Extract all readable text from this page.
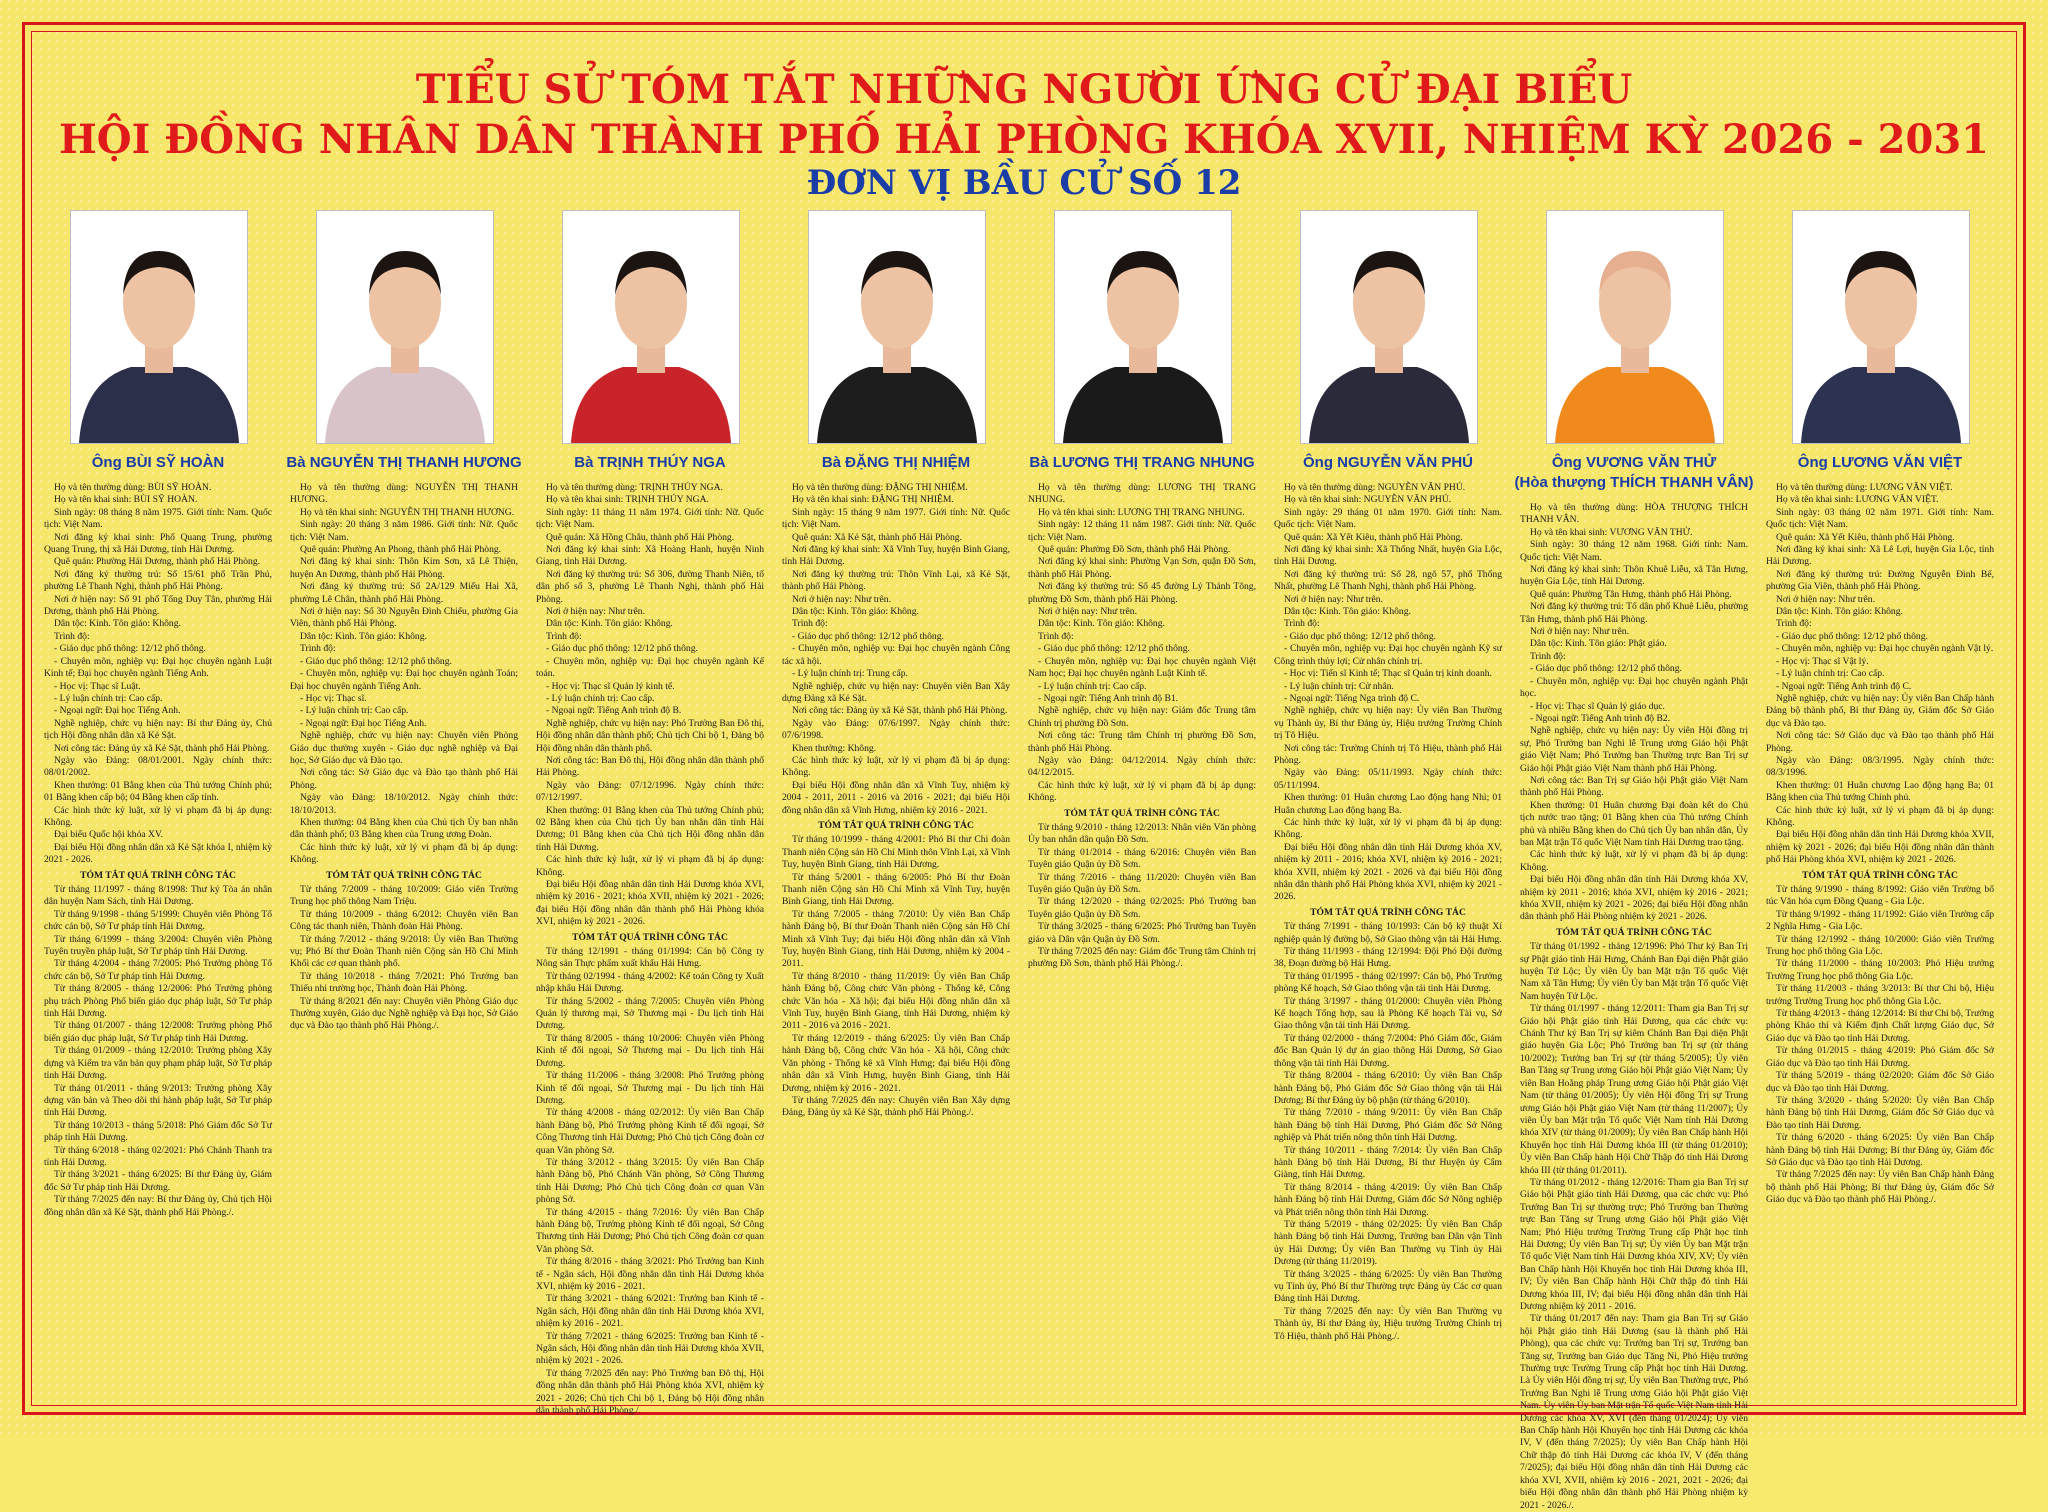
TIỂU SỬ TÓM TẮT NHỮNG NGƯỜI ỨNG CỬ ĐẠI BIỂU
HỘI ĐỒNG NHÂN DÂN THÀNH PHỐ HẢI PHÒNG KHÓA XVII, NHIỆM KỲ 2026 - 2031
ĐƠN VỊ BẦU CỬ SỐ 12
Ông BÙI SỸ HOÀN

Họ và tên thường dùng: BÙI SỸ HOÀN.

Họ và tên khai sinh: BÙI SỸ HOÀN.

Sinh ngày: 08 tháng 8 năm 1975. Giới tính: Nam. Quốc tịch: Việt Nam.

Nơi đăng ký khai sinh: Phố Quang Trung, phường Quang Trung, thị xã Hải Dương, tỉnh Hải Dương.

Quê quán: Phường Hải Dương, thành phố Hải Phòng.

Nơi đăng ký thường trú: Số 15/61 phố Trần Phú, phường Lê Thanh Nghị, thành phố Hải Phòng.

Nơi ở hiện nay: Số 91 phố Tống Duy Tân, phường Hải Dương, thành phố Hải Phòng.

Dân tộc: Kinh. Tôn giáo: Không.

Trình độ:

- Giáo dục phổ thông: 12/12 phổ thông.

- Chuyên môn, nghiệp vụ: Đại học chuyên ngành Luật Kinh tế; Đại học chuyên ngành Tiếng Anh.

- Học vị: Thạc sĩ Luật.

- Lý luận chính trị: Cao cấp.

- Ngoại ngữ: Đại học Tiếng Anh.

Nghề nghiệp, chức vụ hiện nay: Bí thư Đảng ủy, Chủ tịch Hội đồng nhân dân xã Kẻ Sặt.

Nơi công tác: Đảng ủy xã Kẻ Sặt, thành phố Hải Phòng.

Ngày vào Đảng: 08/01/2001. Ngày chính thức: 08/01/2002.

Khen thưởng: 01 Bằng khen của Thủ tướng Chính phủ; 01 Bằng khen cấp bộ; 04 Bằng khen cấp tỉnh.

Các hình thức kỷ luật, xử lý vi phạm đã bị áp dụng: Không.

Đại biểu Quốc hội khóa XV.

Đại biểu Hội đồng nhân dân xã Kẻ Sặt khóa I, nhiệm kỳ 2021 - 2026.

TÓM TẮT QUÁ TRÌNH CÔNG TÁC

Từ tháng 11/1997 - tháng 8/1998: Thư ký Tòa án nhân dân huyện Nam Sách, tỉnh Hải Dương.

Từ tháng 9/1998 - tháng 5/1999: Chuyên viên Phòng Tổ chức cán bộ, Sở Tư pháp tỉnh Hải Dương.

Từ tháng 6/1999 - tháng 3/2004: Chuyên viên Phòng Tuyên truyền pháp luật, Sở Tư pháp tỉnh Hải Dương.

Từ tháng 4/2004 - tháng 7/2005: Phó Trưởng phòng Tổ chức cán bộ, Sở Tư pháp tỉnh Hải Dương.

Từ tháng 8/2005 - tháng 12/2006: Phó Trưởng phòng phụ trách Phòng Phổ biến giáo dục pháp luật, Sở Tư pháp tỉnh Hải Dương.

Từ tháng 01/2007 - tháng 12/2008: Trưởng phòng Phổ biến giáo dục pháp luật, Sở Tư pháp tỉnh Hải Dương.

Từ tháng 01/2009 - tháng 12/2010: Trưởng phòng Xây dựng và Kiểm tra văn bản quy phạm pháp luật, Sở Tư pháp tỉnh Hải Dương.

Từ tháng 01/2011 - tháng 9/2013: Trưởng phòng Xây dựng văn bản và Theo dõi thi hành pháp luật, Sở Tư pháp tỉnh Hải Dương.

Từ tháng 10/2013 - tháng 5/2018: Phó Giám đốc Sở Tư pháp tỉnh Hải Dương.

Từ tháng 6/2018 - tháng 02/2021: Phó Chánh Thanh tra tỉnh Hải Dương.

Từ tháng 3/2021 - tháng 6/2025: Bí thư Đảng ủy, Giám đốc Sở Tư pháp tỉnh Hải Dương.

Từ tháng 7/2025 đến nay: Bí thư Đảng ủy, Chủ tịch Hội đồng nhân dân xã Kẻ Sặt, thành phố Hải Phòng./.

Bà NGUYỄN THỊ THANH HƯƠNG

Họ và tên thường dùng: NGUYỄN THỊ THANH HƯƠNG.

Họ và tên khai sinh: NGUYỄN THỊ THANH HƯƠNG.

Sinh ngày: 20 tháng 3 năm 1986. Giới tính: Nữ. Quốc tịch: Việt Nam.

Quê quán: Phường An Phong, thành phố Hải Phòng.

Nơi đăng ký khai sinh: Thôn Kim Sơn, xã Lê Thiện, huyện An Dương, thành phố Hải Phòng.

Nơi đăng ký thường trú: Số 2A/129 Miếu Hai Xã, phường Lê Chân, thành phố Hải Phòng.

Nơi ở hiện nay: Số 30 Nguyễn Đình Chiểu, phường Gia Viên, thành phố Hải Phòng.

Dân tộc: Kinh. Tôn giáo: Không.

Trình độ:

- Giáo dục phổ thông: 12/12 phổ thông.

- Chuyên môn, nghiệp vụ: Đại học chuyên ngành Toán; Đại học chuyên ngành Tiếng Anh.

- Học vị: Thạc sĩ.

- Lý luận chính trị: Cao cấp.

- Ngoại ngữ: Đại học Tiếng Anh.

Nghề nghiệp, chức vụ hiện nay: Chuyên viên Phòng Giáo dục thường xuyên - Giáo dục nghề nghiệp và Đại học, Sở Giáo dục và Đào tạo.

Nơi công tác: Sở Giáo dục và Đào tạo thành phố Hải Phòng.

Ngày vào Đảng: 18/10/2012. Ngày chính thức: 18/10/2013.

Khen thưởng: 04 Bằng khen của Chủ tịch Ủy ban nhân dân thành phố; 03 Bằng khen của Trung ương Đoàn.

Các hình thức kỷ luật, xử lý vi phạm đã bị áp dụng: Không.

TÓM TẮT QUÁ TRÌNH CÔNG TÁC

Từ tháng 7/2009 - tháng 10/2009: Giáo viên Trường Trung học phổ thông Nam Triệu.

Từ tháng 10/2009 - tháng 6/2012: Chuyên viên Ban Công tác thanh niên, Thành đoàn Hải Phòng.

Từ tháng 7/2012 - tháng 9/2018: Ủy viên Ban Thường vụ; Phó Bí thư Đoàn Thanh niên Cộng sản Hồ Chí Minh Khối các cơ quan thành phố.

Từ tháng 10/2018 - tháng 7/2021: Phó Trưởng ban Thiếu nhi trường học, Thành đoàn Hải Phòng.

Từ tháng 8/2021 đến nay: Chuyên viên Phòng Giáo dục Thường xuyên, Giáo dục Nghề nghiệp và Đại học, Sở Giáo dục và Đào tạo thành phố Hải Phòng./.

Bà TRỊNH THÚY NGA

Họ và tên thường dùng: TRỊNH THÚY NGA.

Họ và tên khai sinh: TRỊNH THÚY NGA.

Sinh ngày: 11 tháng 11 năm 1974. Giới tính: Nữ. Quốc tịch: Việt Nam.

Quê quán: Xã Hồng Châu, thành phố Hải Phòng.

Nơi đăng ký khai sinh: Xã Hoàng Hanh, huyện Ninh Giang, tỉnh Hải Dương.

Nơi đăng ký thường trú: Số 306, đường Thanh Niên, tổ dân phố số 3, phường Lê Thanh Nghị, thành phố Hải Phòng.

Nơi ở hiện nay: Như trên.

Dân tộc: Kinh. Tôn giáo: Không.

Trình độ:

- Giáo dục phổ thông: 12/12 phổ thông.

- Chuyên môn, nghiệp vụ: Đại học chuyên ngành Kế toán.

- Học vị: Thạc sĩ Quản lý kinh tế.

- Lý luận chính trị: Cao cấp.

- Ngoại ngữ: Tiếng Anh trình độ B.

Nghề nghiệp, chức vụ hiện nay: Phó Trưởng Ban Đô thị, Hội đồng nhân dân thành phố; Chủ tịch Chi bộ 1, Đảng bộ Hội đồng nhân dân thành phố.

Nơi công tác: Ban Đô thị, Hội đồng nhân dân thành phố Hải Phòng.

Ngày vào Đảng: 07/12/1996. Ngày chính thức: 07/12/1997.

Khen thưởng: 01 Bằng khen của Thủ tướng Chính phủ; 02 Bằng khen của Chủ tịch Ủy ban nhân dân tỉnh Hải Dương; 01 Bằng khen của Chủ tịch Hội đồng nhân dân tỉnh Hải Dương.

Các hình thức kỷ luật, xử lý vi phạm đã bị áp dụng: Không.

Đại biểu Hội đồng nhân dân tỉnh Hải Dương khóa XVI, nhiệm kỳ 2016 - 2021; khóa XVII, nhiệm kỳ 2021 - 2026; đại biểu Hội đồng nhân dân thành phố Hải Phòng khóa XVI, nhiệm kỳ 2021 - 2026.

TÓM TẮT QUÁ TRÌNH CÔNG TÁC

Từ tháng 12/1991 - tháng 01/1994: Cán bộ Công ty Nông sản Thực phẩm xuất khẩu Hải Hưng.

Từ tháng 02/1994 - tháng 4/2002: Kế toán Công ty Xuất nhập khẩu Hải Dương.

Từ tháng 5/2002 - tháng 7/2005: Chuyên viên Phòng Quản lý thương mại, Sở Thương mại - Du lịch tỉnh Hải Dương.

Từ tháng 8/2005 - tháng 10/2006: Chuyên viên Phòng Kinh tế đối ngoại, Sở Thương mại - Du lịch tỉnh Hải Dương.

Từ tháng 11/2006 - tháng 3/2008: Phó Trưởng phòng Kinh tế đối ngoại, Sở Thương mại - Du lịch tỉnh Hải Dương.

Từ tháng 4/2008 - tháng 02/2012: Ủy viên Ban Chấp hành Đảng bộ, Phó Trưởng phòng Kinh tế đối ngoại, Sở Công Thương tỉnh Hải Dương; Phó Chủ tịch Công đoàn cơ quan Văn phòng Sở.

Từ tháng 3/2012 - tháng 3/2015: Ủy viên Ban Chấp hành Đảng bộ, Phó Chánh Văn phòng, Sở Công Thương tỉnh Hải Dương; Phó Chủ tịch Công đoàn cơ quan Văn phòng Sở.

Từ tháng 4/2015 - tháng 7/2016: Ủy viên Ban Chấp hành Đảng bộ, Trưởng phòng Kinh tế đối ngoại, Sở Công Thương tỉnh Hải Dương; Phó Chủ tịch Công đoàn cơ quan Văn phòng Sở.

Từ tháng 8/2016 - tháng 3/2021: Phó Trưởng ban Kinh tế - Ngân sách, Hội đồng nhân dân tỉnh Hải Dương khóa XVI, nhiệm kỳ 2016 - 2021.

Từ tháng 3/2021 - tháng 6/2021: Trưởng ban Kinh tế - Ngân sách, Hội đồng nhân dân tỉnh Hải Dương khóa XVI, nhiệm kỳ 2016 - 2021.

Từ tháng 7/2021 - tháng 6/2025: Trưởng ban Kinh tế - Ngân sách, Hội đồng nhân dân tỉnh Hải Dương khóa XVII, nhiệm kỳ 2021 - 2026.

Từ tháng 7/2025 đến nay: Phó Trưởng ban Đô thị, Hội đồng nhân dân thành phố Hải Phòng khóa XVI, nhiệm kỳ 2021 - 2026; Chủ tịch Chi bộ 1, Đảng bộ Hội đồng nhân dân thành phố Hải Phòng./.

Bà ĐẶNG THỊ NHIỆM

Họ và tên thường dùng: ĐẶNG THỊ NHIỆM.

Họ và tên khai sinh: ĐẶNG THỊ NHIỆM.

Sinh ngày: 15 tháng 9 năm 1977. Giới tính: Nữ. Quốc tịch: Việt Nam.

Quê quán: Xã Kẻ Sặt, thành phố Hải Phòng.

Nơi đăng ký khai sinh: Xã Vĩnh Tuy, huyện Bình Giang, tỉnh Hải Dương.

Nơi đăng ký thường trú: Thôn Vĩnh Lại, xã Kẻ Sặt, thành phố Hải Phòng.

Nơi ở hiện nay: Như trên.

Dân tộc: Kinh. Tôn giáo: Không.

Trình độ:

- Giáo dục phổ thông: 12/12 phổ thông.

- Chuyên môn, nghiệp vụ: Đại học chuyên ngành Công tác xã hội.

- Lý luận chính trị: Trung cấp.

Nghề nghiệp, chức vụ hiện nay: Chuyên viên Ban Xây dựng Đảng xã Kẻ Sặt.

Nơi công tác: Đảng ủy xã Kẻ Sặt, thành phố Hải Phòng.

Ngày vào Đảng: 07/6/1997. Ngày chính thức: 07/6/1998.

Khen thưởng: Không.

Các hình thức kỷ luật, xử lý vi phạm đã bị áp dụng: Không.

Đại biểu Hội đồng nhân dân xã Vĩnh Tuy, nhiệm kỳ 2004 - 2011, 2011 - 2016 và 2016 - 2021; đại biểu Hội đồng nhân dân xã Vĩnh Hưng, nhiệm kỳ 2016 - 2021.

TÓM TẮT QUÁ TRÌNH CÔNG TÁC

Từ tháng 10/1999 - tháng 4/2001: Phó Bí thư Chi đoàn Thanh niên Cộng sản Hồ Chí Minh thôn Vĩnh Lại, xã Vĩnh Tuy, huyện Bình Giang, tỉnh Hải Dương.

Từ tháng 5/2001 - tháng 6/2005: Phó Bí thư Đoàn Thanh niên Cộng sản Hồ Chí Minh xã Vĩnh Tuy, huyện Bình Giang, tỉnh Hải Dương.

Từ tháng 7/2005 - tháng 7/2010: Ủy viên Ban Chấp hành Đảng bộ, Bí thư Đoàn Thanh niên Cộng sản Hồ Chí Minh xã Vĩnh Tuy; đại biểu Hội đồng nhân dân xã Vĩnh Tuy, huyện Bình Giang, tỉnh Hải Dương, nhiệm kỳ 2004 - 2011.

Từ tháng 8/2010 - tháng 11/2019: Ủy viên Ban Chấp hành Đảng bộ, Công chức Văn phòng - Thống kê, Công chức Văn hóa - Xã hội; đại biểu Hội đồng nhân dân xã Vĩnh Tuy, huyện Bình Giang, tỉnh Hải Dương, nhiệm kỳ 2011 - 2016 và 2016 - 2021.

Từ tháng 12/2019 - tháng 6/2025: Ủy viên Ban Chấp hành Đảng bộ, Công chức Văn hóa - Xã hội, Công chức Văn phòng - Thống kê xã Vĩnh Hưng; đại biểu Hội đồng nhân dân xã Vĩnh Hưng, huyện Bình Giang, tỉnh Hải Dương, nhiệm kỳ 2016 - 2021.

Từ tháng 7/2025 đến nay: Chuyên viên Ban Xây dựng Đảng, Đảng ủy xã Kẻ Sặt, thành phố Hải Phòng./.

Bà LƯƠNG THỊ TRANG NHUNG

Họ và tên thường dùng: LƯƠNG THỊ TRANG NHUNG.

Họ và tên khai sinh: LƯƠNG THỊ TRANG NHUNG.

Sinh ngày: 12 tháng 11 năm 1987. Giới tính: Nữ. Quốc tịch: Việt Nam.

Quê quán: Phường Đồ Sơn, thành phố Hải Phòng.

Nơi đăng ký khai sinh: Phường Vạn Sơn, quận Đồ Sơn, thành phố Hải Phòng.

Nơi đăng ký thường trú: Số 45 đường Lý Thánh Tông, phường Đồ Sơn, thành phố Hải Phòng.

Nơi ở hiện nay: Như trên.

Dân tộc: Kinh. Tôn giáo: Không.

Trình độ:

- Giáo dục phổ thông: 12/12 phổ thông.

- Chuyên môn, nghiệp vụ: Đại học chuyên ngành Việt Nam học; Đại học chuyên ngành Luật Kinh tế.

- Lý luận chính trị: Cao cấp.

- Ngoại ngữ: Tiếng Anh trình độ B1.

Nghề nghiệp, chức vụ hiện nay: Giám đốc Trung tâm Chính trị phường Đồ Sơn.

Nơi công tác: Trung tâm Chính trị phường Đồ Sơn, thành phố Hải Phòng.

Ngày vào Đảng: 04/12/2014. Ngày chính thức: 04/12/2015.

Các hình thức kỷ luật, xử lý vi phạm đã bị áp dụng: Không.

TÓM TẮT QUÁ TRÌNH CÔNG TÁC

Từ tháng 9/2010 - tháng 12/2013: Nhân viên Văn phòng Ủy ban nhân dân quận Đồ Sơn.

Từ tháng 01/2014 - tháng 6/2016: Chuyên viên Ban Tuyên giáo Quận ủy Đồ Sơn.

Từ tháng 7/2016 - tháng 11/2020: Chuyên viên Ban Tuyên giáo Quận ủy Đồ Sơn.

Từ tháng 12/2020 - tháng 02/2025: Phó Trưởng ban Tuyên giáo Quận ủy Đồ Sơn.

Từ tháng 3/2025 - tháng 6/2025: Phó Trưởng ban Tuyên giáo và Dân vận Quận ủy Đồ Sơn.

Từ tháng 7/2025 đến nay: Giám đốc Trung tâm Chính trị phường Đồ Sơn, thành phố Hải Phòng./.

Ông NGUYỄN VĂN PHÚ

Họ và tên thường dùng: NGUYỄN VĂN PHÚ.

Họ và tên khai sinh: NGUYỄN VĂN PHÚ.

Sinh ngày: 29 tháng 01 năm 1970. Giới tính: Nam. Quốc tịch: Việt Nam.

Quê quán: Xã Yết Kiêu, thành phố Hải Phòng.

Nơi đăng ký khai sinh: Xã Thống Nhất, huyện Gia Lộc, tỉnh Hải Dương.

Nơi đăng ký thường trú: Số 28, ngõ 57, phố Thống Nhất, phường Lê Thanh Nghị, thành phố Hải Phòng.

Nơi ở hiện nay: Như trên.

Dân tộc: Kinh. Tôn giáo: Không.

Trình độ:

- Giáo dục phổ thông: 12/12 phổ thông.

- Chuyên môn, nghiệp vụ: Đại học chuyên ngành Kỹ sư Công trình thủy lợi; Cử nhân chính trị.

- Học vị: Tiến sĩ Kinh tế; Thạc sĩ Quản trị kinh doanh.

- Lý luận chính trị: Cử nhân.

- Ngoại ngữ: Tiếng Nga trình độ C.

Nghề nghiệp, chức vụ hiện nay: Ủy viên Ban Thường vụ Thành ủy, Bí thư Đảng ủy, Hiệu trưởng Trường Chính trị Tô Hiệu.

Nơi công tác: Trường Chính trị Tô Hiệu, thành phố Hải Phòng.

Ngày vào Đảng: 05/11/1993. Ngày chính thức: 05/11/1994.

Khen thưởng: 01 Huân chương Lao động hạng Nhì; 01 Huân chương Lao động hạng Ba.

Các hình thức kỷ luật, xử lý vi phạm đã bị áp dụng: Không.

Đại biểu Hội đồng nhân dân tỉnh Hải Dương khóa XV, nhiệm kỳ 2011 - 2016; khóa XVI, nhiệm kỳ 2016 - 2021; khóa XVII, nhiệm kỳ 2021 - 2026 và đại biểu Hội đồng nhân dân thành phố Hải Phòng khóa XVI, nhiệm kỳ 2021 - 2026.

TÓM TẮT QUÁ TRÌNH CÔNG TÁC

Từ tháng 7/1991 - tháng 10/1993: Cán bộ kỹ thuật Xí nghiệp quản lý đường bộ, Sở Giao thông vận tải Hải Hưng.

Từ tháng 11/1993 - tháng 12/1994: Đội Phó Đội đường 38, Đoạn đường bộ Hải Hưng.

Từ tháng 01/1995 - tháng 02/1997: Cán bộ, Phó Trưởng phòng Kế hoạch, Sở Giao thông vận tải tỉnh Hải Dương.

Từ tháng 3/1997 - tháng 01/2000: Chuyên viên Phòng Kế hoạch Tổng hợp, sau là Phòng Kế hoạch Tài vụ, Sở Giao thông vận tải tỉnh Hải Dương.

Từ tháng 02/2000 - tháng 7/2004: Phó Giám đốc, Giám đốc Ban Quản lý dự án giao thông Hải Dương, Sở Giao thông vận tải tỉnh Hải Dương.

Từ tháng 8/2004 - tháng 6/2010: Ủy viên Ban Chấp hành Đảng bộ, Phó Giám đốc Sở Giao thông vận tải Hải Dương; Bí thư Đảng ủy bộ phận (từ tháng 6/2010).

Từ tháng 7/2010 - tháng 9/2011: Ủy viên Ban Chấp hành Đảng bộ tỉnh Hải Dương, Phó Giám đốc Sở Nông nghiệp và Phát triển nông thôn tỉnh Hải Dương.

Từ tháng 10/2011 - tháng 7/2014: Ủy viên Ban Chấp hành Đảng bộ tỉnh Hải Dương, Bí thư Huyện ủy Cẩm Giàng, tỉnh Hải Dương.

Từ tháng 8/2014 - tháng 4/2019: Ủy viên Ban Chấp hành Đảng bộ tỉnh Hải Dương, Giám đốc Sở Nông nghiệp và Phát triển nông thôn tỉnh Hải Dương.

Từ tháng 5/2019 - tháng 02/2025: Ủy viên Ban Chấp hành Đảng bộ tỉnh Hải Dương, Trưởng ban Dân vận Tỉnh ủy Hải Dương; Ủy viên Ban Thường vụ Tỉnh ủy Hải Dương (từ tháng 11/2019).

Từ tháng 3/2025 - tháng 6/2025: Ủy viên Ban Thường vụ Tỉnh ủy, Phó Bí thư Thường trực Đảng ủy Các cơ quan Đảng tỉnh Hải Dương.

Từ tháng 7/2025 đến nay: Ủy viên Ban Thường vụ Thành ủy, Bí thư Đảng ủy, Hiệu trưởng Trường Chính trị Tô Hiệu, thành phố Hải Phòng./.

Ông VƯƠNG VĂN THỬ
(Hòa thượng THÍCH THANH VÂN)

Họ và tên thường dùng: HÒA THƯỢNG THÍCH THANH VÂN.

Họ và tên khai sinh: VƯƠNG VĂN THỬ.

Sinh ngày: 30 tháng 12 năm 1968. Giới tính: Nam. Quốc tịch: Việt Nam.

Nơi đăng ký khai sinh: Thôn Khuê Liễu, xã Tân Hưng, huyện Gia Lộc, tỉnh Hải Dương.

Quê quán: Phường Tân Hưng, thành phố Hải Phòng.

Nơi đăng ký thường trú: Tổ dân phố Khuê Liễu, phường Tân Hưng, thành phố Hải Phòng.

Nơi ở hiện nay: Như trên.

Dân tộc: Kinh. Tôn giáo: Phật giáo.

Trình độ:

- Giáo dục phổ thông: 12/12 phổ thông.

- Chuyên môn, nghiệp vụ: Đại học chuyên ngành Phật học.

- Học vị: Thạc sĩ Quản lý giáo dục.

- Ngoại ngữ: Tiếng Anh trình độ B2.

Nghề nghiệp, chức vụ hiện nay: Ủy viên Hội đồng trị sự, Phó Trưởng ban Nghi lễ Trung ương Giáo hội Phật giáo Việt Nam; Phó Trưởng ban Thường trực Ban Trị sự Giáo hội Phật giáo Việt Nam thành phố Hải Phòng.

Nơi công tác: Ban Trị sự Giáo hội Phật giáo Việt Nam thành phố Hải Phòng.

Khen thưởng: 01 Huân chương Đại đoàn kết do Chủ tịch nước trao tặng; 01 Bằng khen của Thủ tướng Chính phủ và nhiều Bằng khen do Chủ tịch Ủy ban nhân dân, Ủy ban Mặt trận Tổ quốc Việt Nam tỉnh Hải Dương trao tặng.

Các hình thức kỷ luật, xử lý vi phạm đã bị áp dụng: Không.

Đại biểu Hội đồng nhân dân tỉnh Hải Dương khóa XV, nhiệm kỳ 2011 - 2016; khóa XVI, nhiệm kỳ 2016 - 2021; khóa XVII, nhiệm kỳ 2021 - 2026; đại biểu Hội đồng nhân dân thành phố Hải Phòng nhiệm kỳ 2021 - 2026.

TÓM TẮT QUÁ TRÌNH CÔNG TÁC

Từ tháng 01/1992 - tháng 12/1996: Phó Thư ký Ban Trị sự Phật giáo tỉnh Hải Hưng, Chánh Ban Đại diện Phật giáo huyện Tứ Lộc; Ủy viên Ủy ban Mặt trận Tổ quốc Việt Nam xã Tân Hưng; Ủy viên Ủy ban Mặt trận Tổ quốc Việt Nam huyện Tứ Lộc.

Từ tháng 01/1997 - tháng 12/2011: Tham gia Ban Trị sự Giáo hội Phật giáo tỉnh Hải Dương, qua các chức vụ: Chánh Thư ký Ban Trị sự kiêm Chánh Ban Đại diện Phật giáo huyện Gia Lộc; Phó Trưởng ban Trị sự (từ tháng 10/2002); Trưởng ban Trị sự (từ tháng 5/2005); Ủy viên Ban Tăng sự Trung ương Giáo hội Phật giáo Việt Nam; Ủy viên Ban Hoằng pháp Trung ương Giáo hội Phật giáo Việt Nam (từ tháng 01/2005); Ủy viên Hội đồng Trị sự Trung ương Giáo hội Phật giáo Việt Nam (từ tháng 11/2007); Ủy viên Ủy ban Mặt trận Tổ quốc Việt Nam tỉnh Hải Dương khóa XIV (từ tháng 01/2009); Ủy viên Ban Chấp hành Hội Khuyến học tỉnh Hải Dương khóa III (từ tháng 01/2010); Ủy viên Ban Chấp hành Hội Chữ Thập đỏ tỉnh Hải Dương khóa III (từ tháng 01/2011).

Từ tháng 01/2012 - tháng 12/2016: Tham gia Ban Trị sự Giáo hội Phật giáo tỉnh Hải Dương, qua các chức vụ: Phó Trưởng Ban Trị sự thường trực; Phó Trưởng ban Thường trực Ban Tăng sự Trung ương Giáo hội Phật giáo Việt Nam; Phó Hiệu trưởng Trường Trung cấp Phật học tỉnh Hải Dương; Ủy viên Ban Trị sự; Ủy viên Ủy ban Mặt trận Tổ quốc Việt Nam tỉnh Hải Dương khóa XIV, XV; Ủy viên Ban Chấp hành Hội Khuyến học tỉnh Hải Dương khóa III, IV; Ủy viên Ban Chấp hành Hội Chữ thập đỏ tỉnh Hải Dương khóa III, IV; đại biểu Hội đồng nhân dân tỉnh Hải Dương nhiệm kỳ 2011 - 2016.

Từ tháng 01/2017 đến nay: Tham gia Ban Trị sự Giáo hội Phật giáo tỉnh Hải Dương (sau là thành phố Hải Phòng), qua các chức vụ: Trưởng ban Trị sự, Trưởng ban Tăng sự, Trưởng ban Giáo dục Tăng Ni, Phó Hiệu trưởng Thường trực Trường Trung cấp Phật học tỉnh Hải Dương. Là Ủy viên Hội đồng trị sự, Ủy viên Ban Thường trực, Phó Trưởng Ban Nghi lễ Trung ương Giáo hội Phật giáo Việt Nam. Ủy viên Ủy ban Mặt trận Tổ quốc Việt Nam tỉnh Hải Dương các khóa XV, XVI (đến tháng 01/2024); Ủy viên Ban Chấp hành Hội Khuyến học tỉnh Hải Dương các khóa IV, V (đến tháng 7/2025); Ủy viên Ban Chấp hành Hội Chữ thập đỏ tỉnh Hải Dương các khóa IV, V (đến tháng 7/2025); đại biểu Hội đồng nhân dân tỉnh Hải Dương các khóa XVI, XVII, nhiệm kỳ 2016 - 2021, 2021 - 2026; đại biểu Hội đồng nhân dân thành phố Hải Phòng nhiệm kỳ 2021 - 2026./.

Ông LƯƠNG VĂN VIỆT

Họ và tên thường dùng: LƯƠNG VĂN VIỆT.

Họ và tên khai sinh: LƯƠNG VĂN VIỆT.

Sinh ngày: 03 tháng 02 năm 1971. Giới tính: Nam. Quốc tịch: Việt Nam.

Quê quán: Xã Yết Kiêu, thành phố Hải Phòng.

Nơi đăng ký khai sinh: Xã Lê Lợi, huyện Gia Lộc, tỉnh Hải Dương.

Nơi đăng ký thường trú: Đường Nguyễn Đình Bể, phường Gia Viên, thành phố Hải Phòng.

Nơi ở hiện nay: Như trên.

Dân tộc: Kinh. Tôn giáo: Không.

Trình độ:

- Giáo dục phổ thông: 12/12 phổ thông.

- Chuyên môn, nghiệp vụ: Đại học chuyên ngành Vật lý.

- Học vị: Thạc sĩ Vật lý.

- Lý luận chính trị: Cao cấp.

- Ngoại ngữ: Tiếng Anh trình độ C.

Nghề nghiệp, chức vụ hiện nay: Ủy viên Ban Chấp hành Đảng bộ thành phố, Bí thư Đảng ủy, Giám đốc Sở Giáo dục và Đào tạo.

Nơi công tác: Sở Giáo dục và Đào tạo thành phố Hải Phòng.

Ngày vào Đảng: 08/3/1995. Ngày chính thức: 08/3/1996.

Khen thưởng: 01 Huân chương Lao động hạng Ba; 01 Bằng khen của Thủ tướng Chính phủ.

Các hình thức kỷ luật, xử lý vi phạm đã bị áp dụng: Không.

Đại biểu Hội đồng nhân dân tỉnh Hải Dương khóa XVII, nhiệm kỳ 2021 - 2026; đại biểu Hội đồng nhân dân thành phố Hải Phòng khóa XVI, nhiệm kỳ 2021 - 2026.

TÓM TẮT QUÁ TRÌNH CÔNG TÁC

Từ tháng 9/1990 - tháng 8/1992: Giáo viên Trường bổ túc Văn hóa cụm Đồng Quang - Gia Lộc.

Từ tháng 9/1992 - tháng 11/1992: Giáo viên Trường cấp 2 Nghĩa Hưng - Gia Lộc.

Từ tháng 12/1992 - tháng 10/2000: Giáo viên Trường Trung học phổ thông Gia Lộc.

Từ tháng 11/2000 - tháng 10/2003: Phó Hiệu trưởng Trường Trung học phổ thông Gia Lộc.

Từ tháng 11/2003 - tháng 3/2013: Bí thư Chi bộ, Hiệu trưởng Trường Trung học phổ thông Gia Lộc.

Từ tháng 4/2013 - tháng 12/2014: Bí thư Chi bộ, Trưởng phòng Khảo thí và Kiểm định Chất lượng Giáo dục, Sở Giáo dục và Đào tạo tỉnh Hải Dương.

Từ tháng 01/2015 - tháng 4/2019: Phó Giám đốc Sở Giáo dục và Đào tạo tỉnh Hải Dương.

Từ tháng 5/2019 - tháng 02/2020: Giám đốc Sở Giáo dục và Đào tạo tỉnh Hải Dương.

Từ tháng 3/2020 - tháng 5/2020: Ủy viên Ban Chấp hành Đảng bộ tỉnh Hải Dương, Giám đốc Sở Giáo dục và Đào tạo tỉnh Hải Dương.

Từ tháng 6/2020 - tháng 6/2025: Ủy viên Ban Chấp hành Đảng bộ tỉnh Hải Dương; Bí thư Đảng ủy, Giám đốc Sở Giáo dục và Đào tạo tỉnh Hải Dương.

Từ tháng 7/2025 đến nay: Ủy viên Ban Chấp hành Đảng bộ thành phố Hải Phòng; Bí thư Đảng ủy, Giám đốc Sở Giáo dục và Đào tạo thành phố Hải Phòng./.
